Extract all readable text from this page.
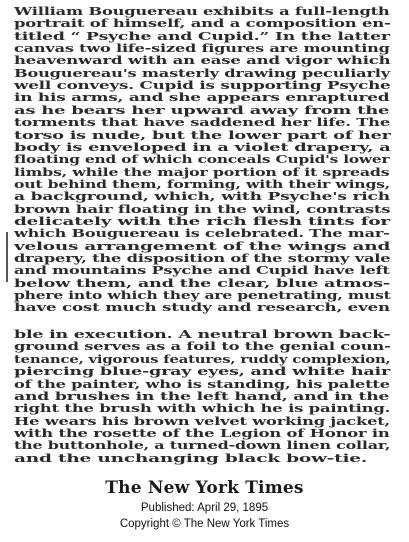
William Bouguereau exhibits a full-length
portrait of himself, and a composition en-
titled “ Psyche and Cupid.” In the latter
canvas two life-sized figures are mounting
heavenward with an ease and vigor which
Bouguereau's masterly drawing peculiarly
well conveys. Cupid is supporting Psyche
in his arms, and she appears enraptured
as he bears her upward away from the
torments that have saddened her life. The
torso is nude, but the lower part of her
body is enveloped in a violet drapery, a
floating end of which conceals Cupid's lower
limbs, while the major portion of it spreads
out behind them, forming, with their wings,
a background, which, with Psyche's rich
brown hair floating in the wind, contrasts
delicately with the rich flesh tints for
which Bouguereau is celebrated. The mar-
velous arrangement of the wings and
drapery, the disposition of the stormy vale
and mountains Psyche and Cupid have left
below them, and the clear, blue atmos-
phere into which they are penetrating, must
have cost much study and research, even
ble in execution. A neutral brown back-
ground serves as a foil to the genial coun-
tenance, vigorous features, ruddy complexion,
piercing blue-gray eyes, and white hair
of the painter, who is standing, his palette
and brushes in the left hand, and in the
right the brush with which he is painting.
He wears his brown velvet working jacket,
with the rosette of the Legion of Honor in
the buttonhole, a turned-down linen collar,
and the unchanging black bow-tie.
The New York Times
Published: April 29, 1895
Copyright © The New York Times
